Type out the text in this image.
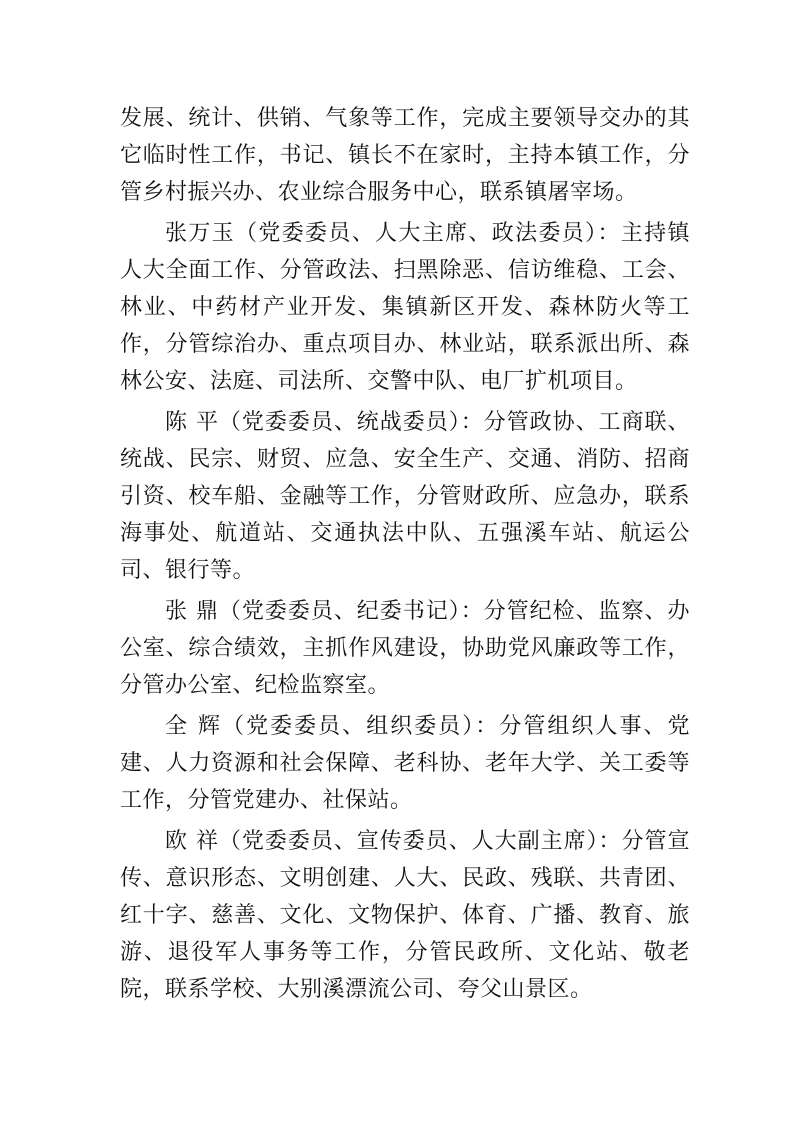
发展、统计、供销、气象等工作，完成主要领导交办的其它临时性工作，书记、镇长不在家时，主持本镇工作，分管乡村振兴办、农业综合服务中心，联系镇屠宰场。

张万玉（党委委员、人大主席、政法委员）：主持镇人大全面工作、分管政法、扫黑除恶、信访维稳、工会、林业、中药材产业开发、集镇新区开发、森林防火等工作，分管综治办、重点项目办、林业站，联系派出所、森林公安、法庭、司法所、交警中队、电厂扩机项目。

陈 平（党委委员、统战委员）：分管政协、工商联、统战、民宗、财贸、应急、安全生产、交通、消防、招商引资、校车船、金融等工作，分管财政所、应急办，联系海事处、航道站、交通执法中队、五强溪车站、航运公司、银行等。

张 鼎（党委委员、纪委书记）：分管纪检、监察、办公室、综合绩效，主抓作风建设，协助党风廉政等工作，分管办公室、纪检监察室。

全 辉（党委委员、组织委员）：分管组织人事、党建、人力资源和社会保障、老科协、老年大学、关工委等工作，分管党建办、社保站。

欧 祥（党委委员、宣传委员、人大副主席）：分管宣传、意识形态、文明创建、人大、民政、残联、共青团、红十字、慈善、文化、文物保护、体育、广播、教育、旅游、退役军人事务等工作，分管民政所、文化站、敬老院，联系学校、大别溪漂流公司、夸父山景区。
